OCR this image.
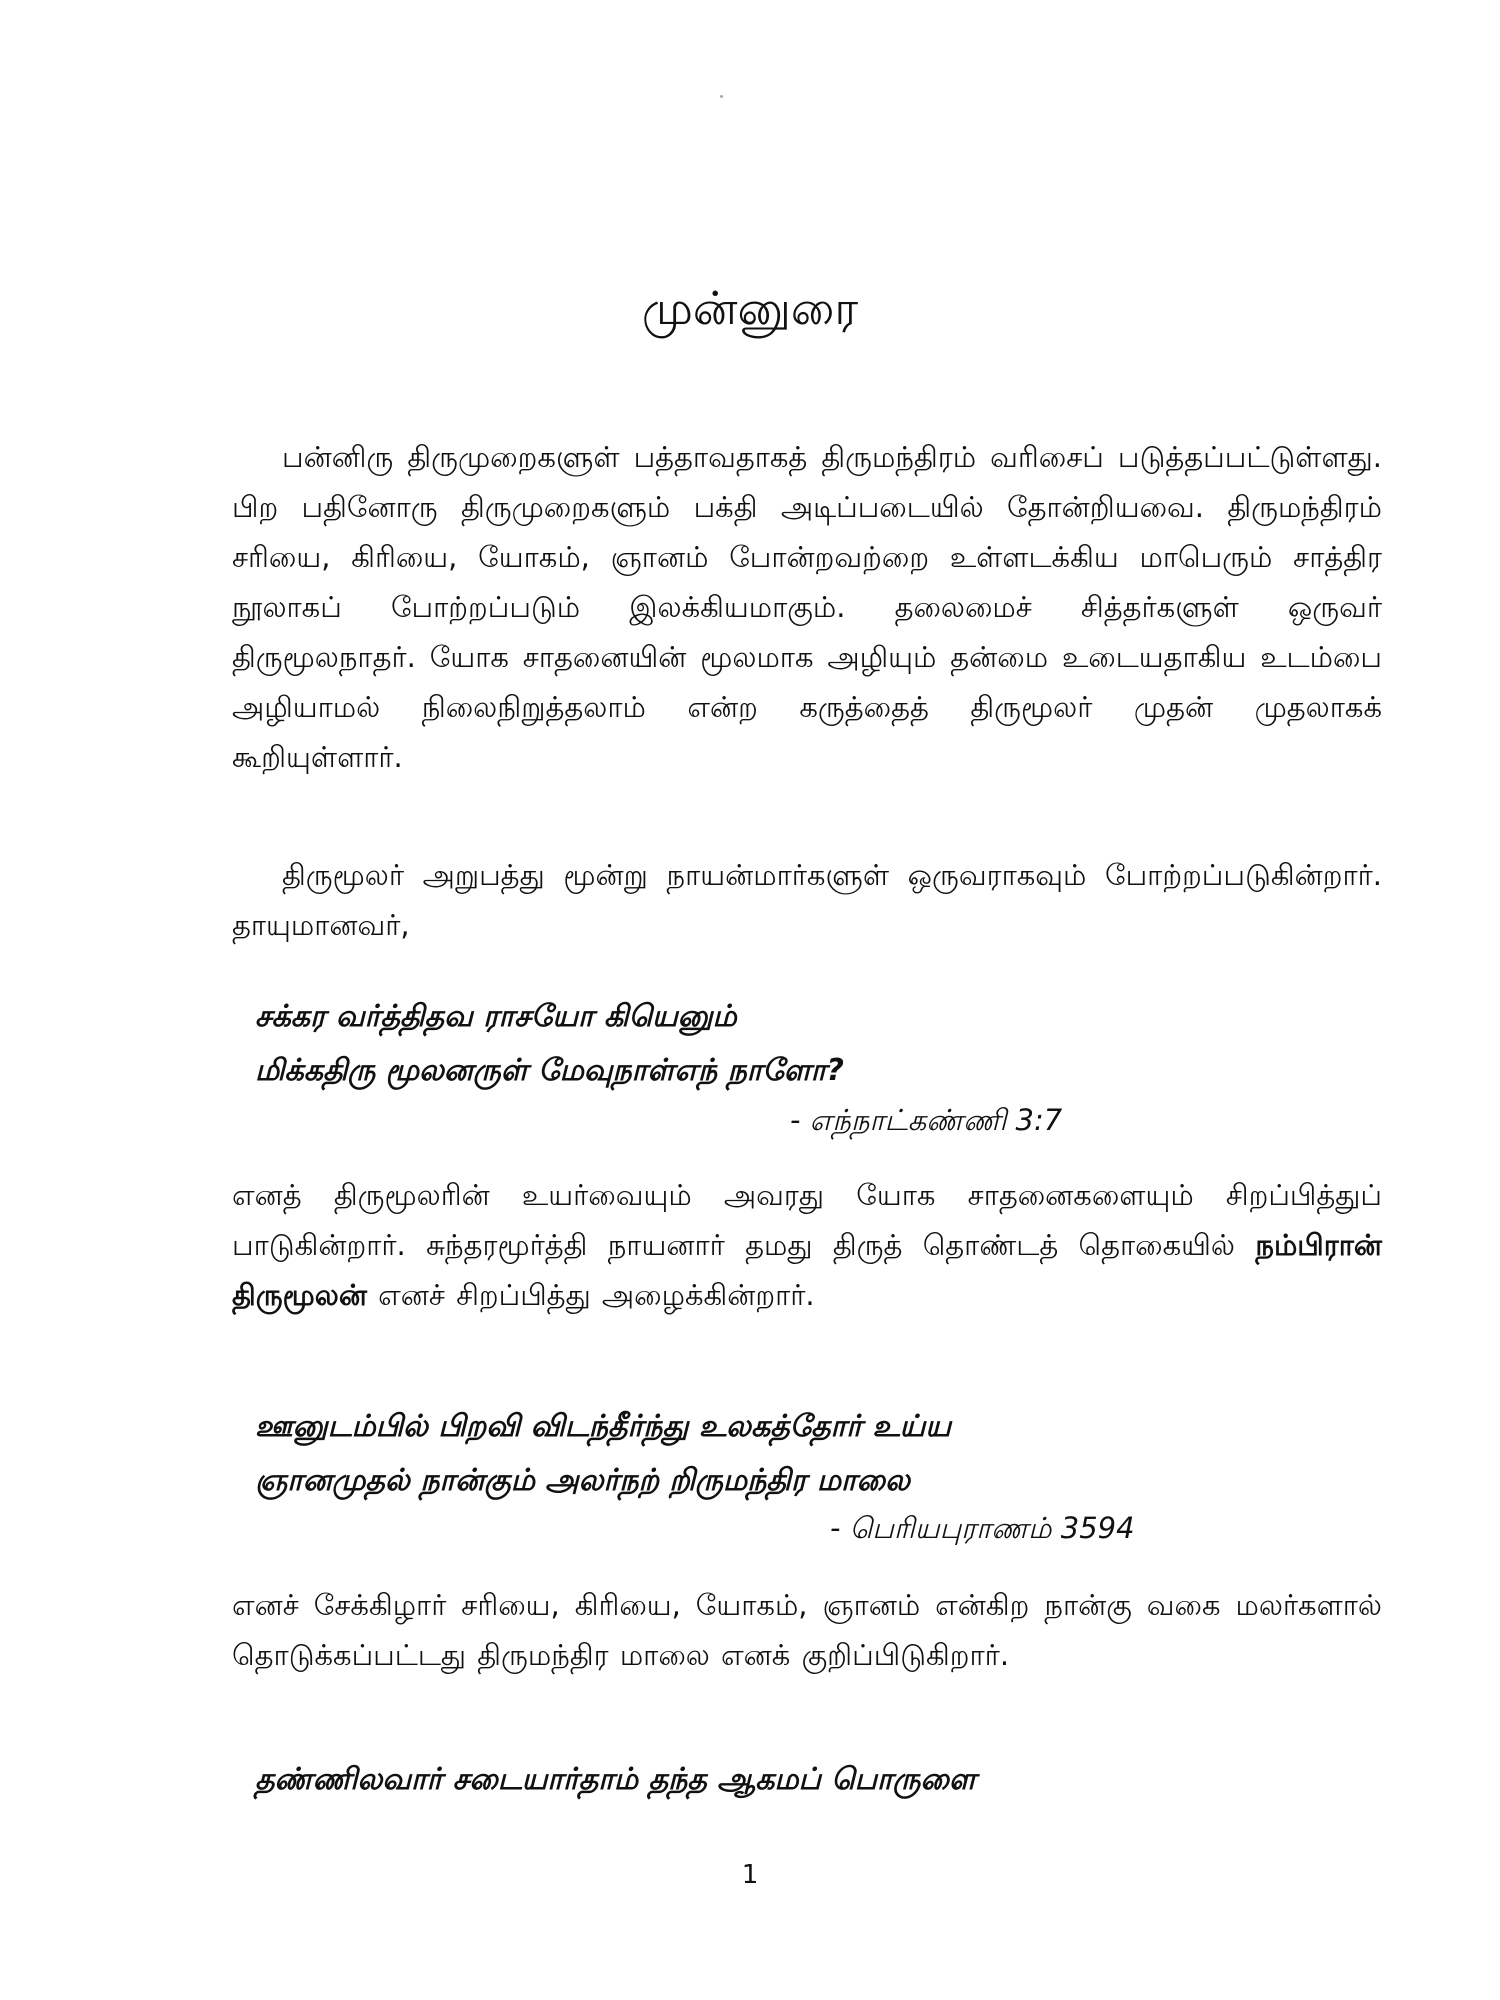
முன்னுரை

பன்னிரு திருமுறைகளுள் பத்தாவதாகத் திருமந்திரம் வரிசைப் படுத்தப்பட்டுள்ளது. பிற பதினோரு திருமுறைகளும் பக்தி அடிப்படையில் தோன்றியவை. திருமந்திரம் சரியை, கிரியை, யோகம், ஞானம் போன்றவற்றை உள்ளடக்கிய மாபெரும் சாத்திர நூலாகப் போற்றப்படும் இலக்கியமாகும். தலைமைச் சித்தர்களுள் ஒருவர் திருமூலநாதர். யோக சாதனையின் மூலமாக அழியும் தன்மை உடையதாகிய உடம்பை அழியாமல் நிலைநிறுத்தலாம் என்ற கருத்தைத் திருமூலர் முதன் முதலாகக் கூறியுள்ளார்.

திருமூலர் அறுபத்து மூன்று நாயன்மார்களுள் ஒருவராகவும் போற்றப்படுகின்றார். தாயுமானவர்,

சக்கர வர்த்திதவ ராசயோ கியெனும்
மிக்கதிரு மூலனருள் மேவுநாள்எந் நாளோ?
- எந்நாட்கண்ணி 3:7

எனத் திருமூலரின் உயர்வையும் அவரது யோக சாதனைகளையும் சிறப்பித்துப் பாடுகின்றார். சுந்தரமூர்த்தி நாயனார் தமது திருத் தொண்டத் தொகையில் நம்பிரான் திருமூலன் எனச் சிறப்பித்து அழைக்கின்றார்.

ஊனுடம்பில் பிறவி விடந்தீர்ந்து உலகத்தோர் உய்ய
ஞானமுதல் நான்கும் அலர்நற் றிருமந்திர மாலை
- பெரியபுராணம் 3594

எனச் சேக்கிழார் சரியை, கிரியை, யோகம், ஞானம் என்கிற நான்கு வகை மலர்களால் தொடுக்கப்பட்டது திருமந்திர மாலை எனக் குறிப்பிடுகிறார்.

தண்ணிலவார் சடையார்தாம் தந்த ஆகமப் பொருளை
1
